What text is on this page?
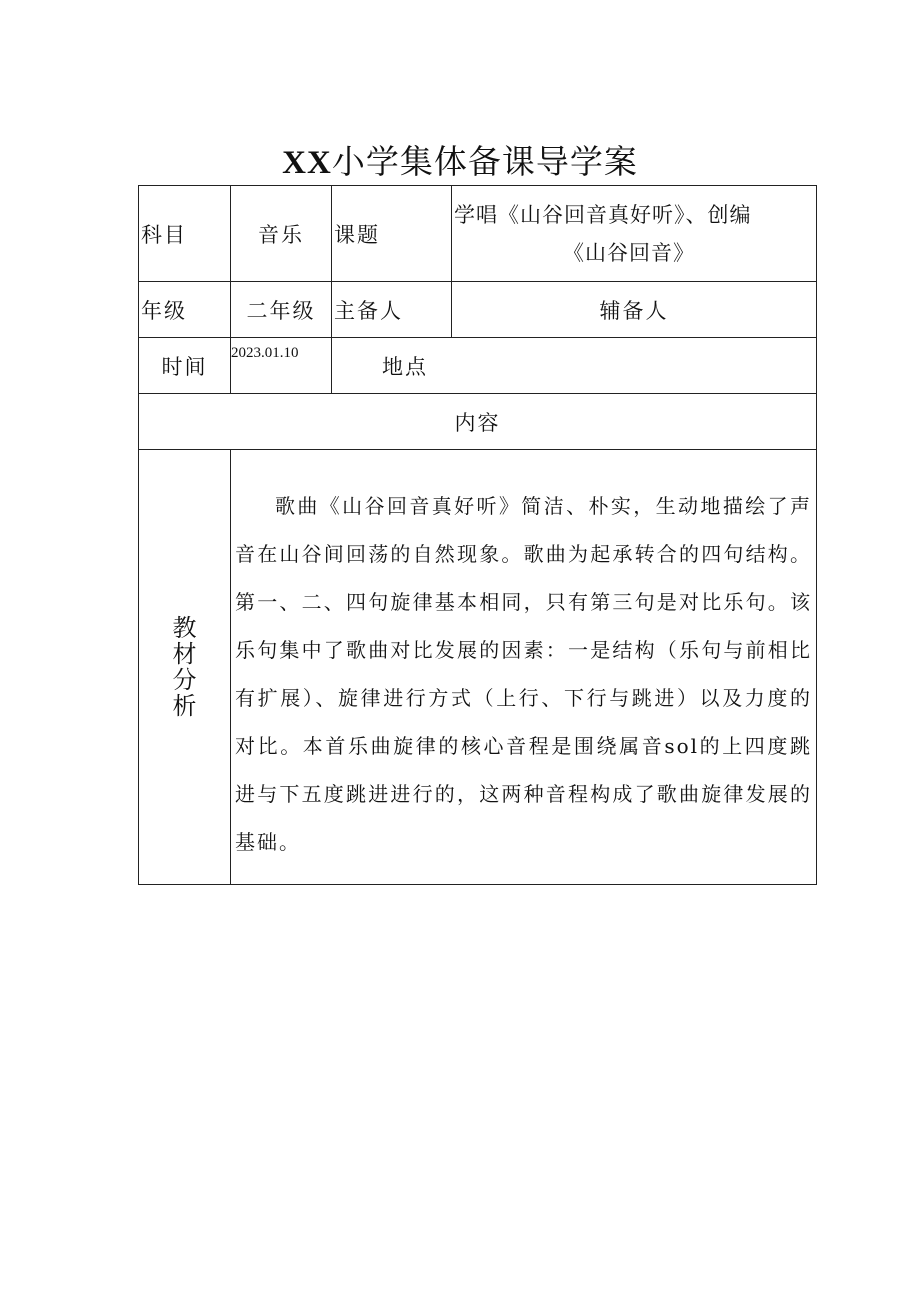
XX小学集体备课导学案
科目	音乐	课题	学唱《山谷回音真好听》、创编
《山谷回音》

年级	二年级	主备人	辅备人
时间	2023.01.10	地点	
内容			

教
材
分
析	歌曲《山谷回音真好听》简洁、朴实，生动地描绘了声音在山谷间回荡的自然现象。歌曲为起承转合的四句结构。第一、二、四句旋律基本相同，只有第三句是对比乐句。该乐句集中了歌曲对比发展的因素：一是结构（乐句与前相比有扩展）、旋律进行方式（上行、下行与跳进）以及力度的对比。本首乐曲旋律的核心音程是围绕属音sol的上四度跳进与下五度跳进进行的，这两种音程构成了歌曲旋律发展的基础。		
